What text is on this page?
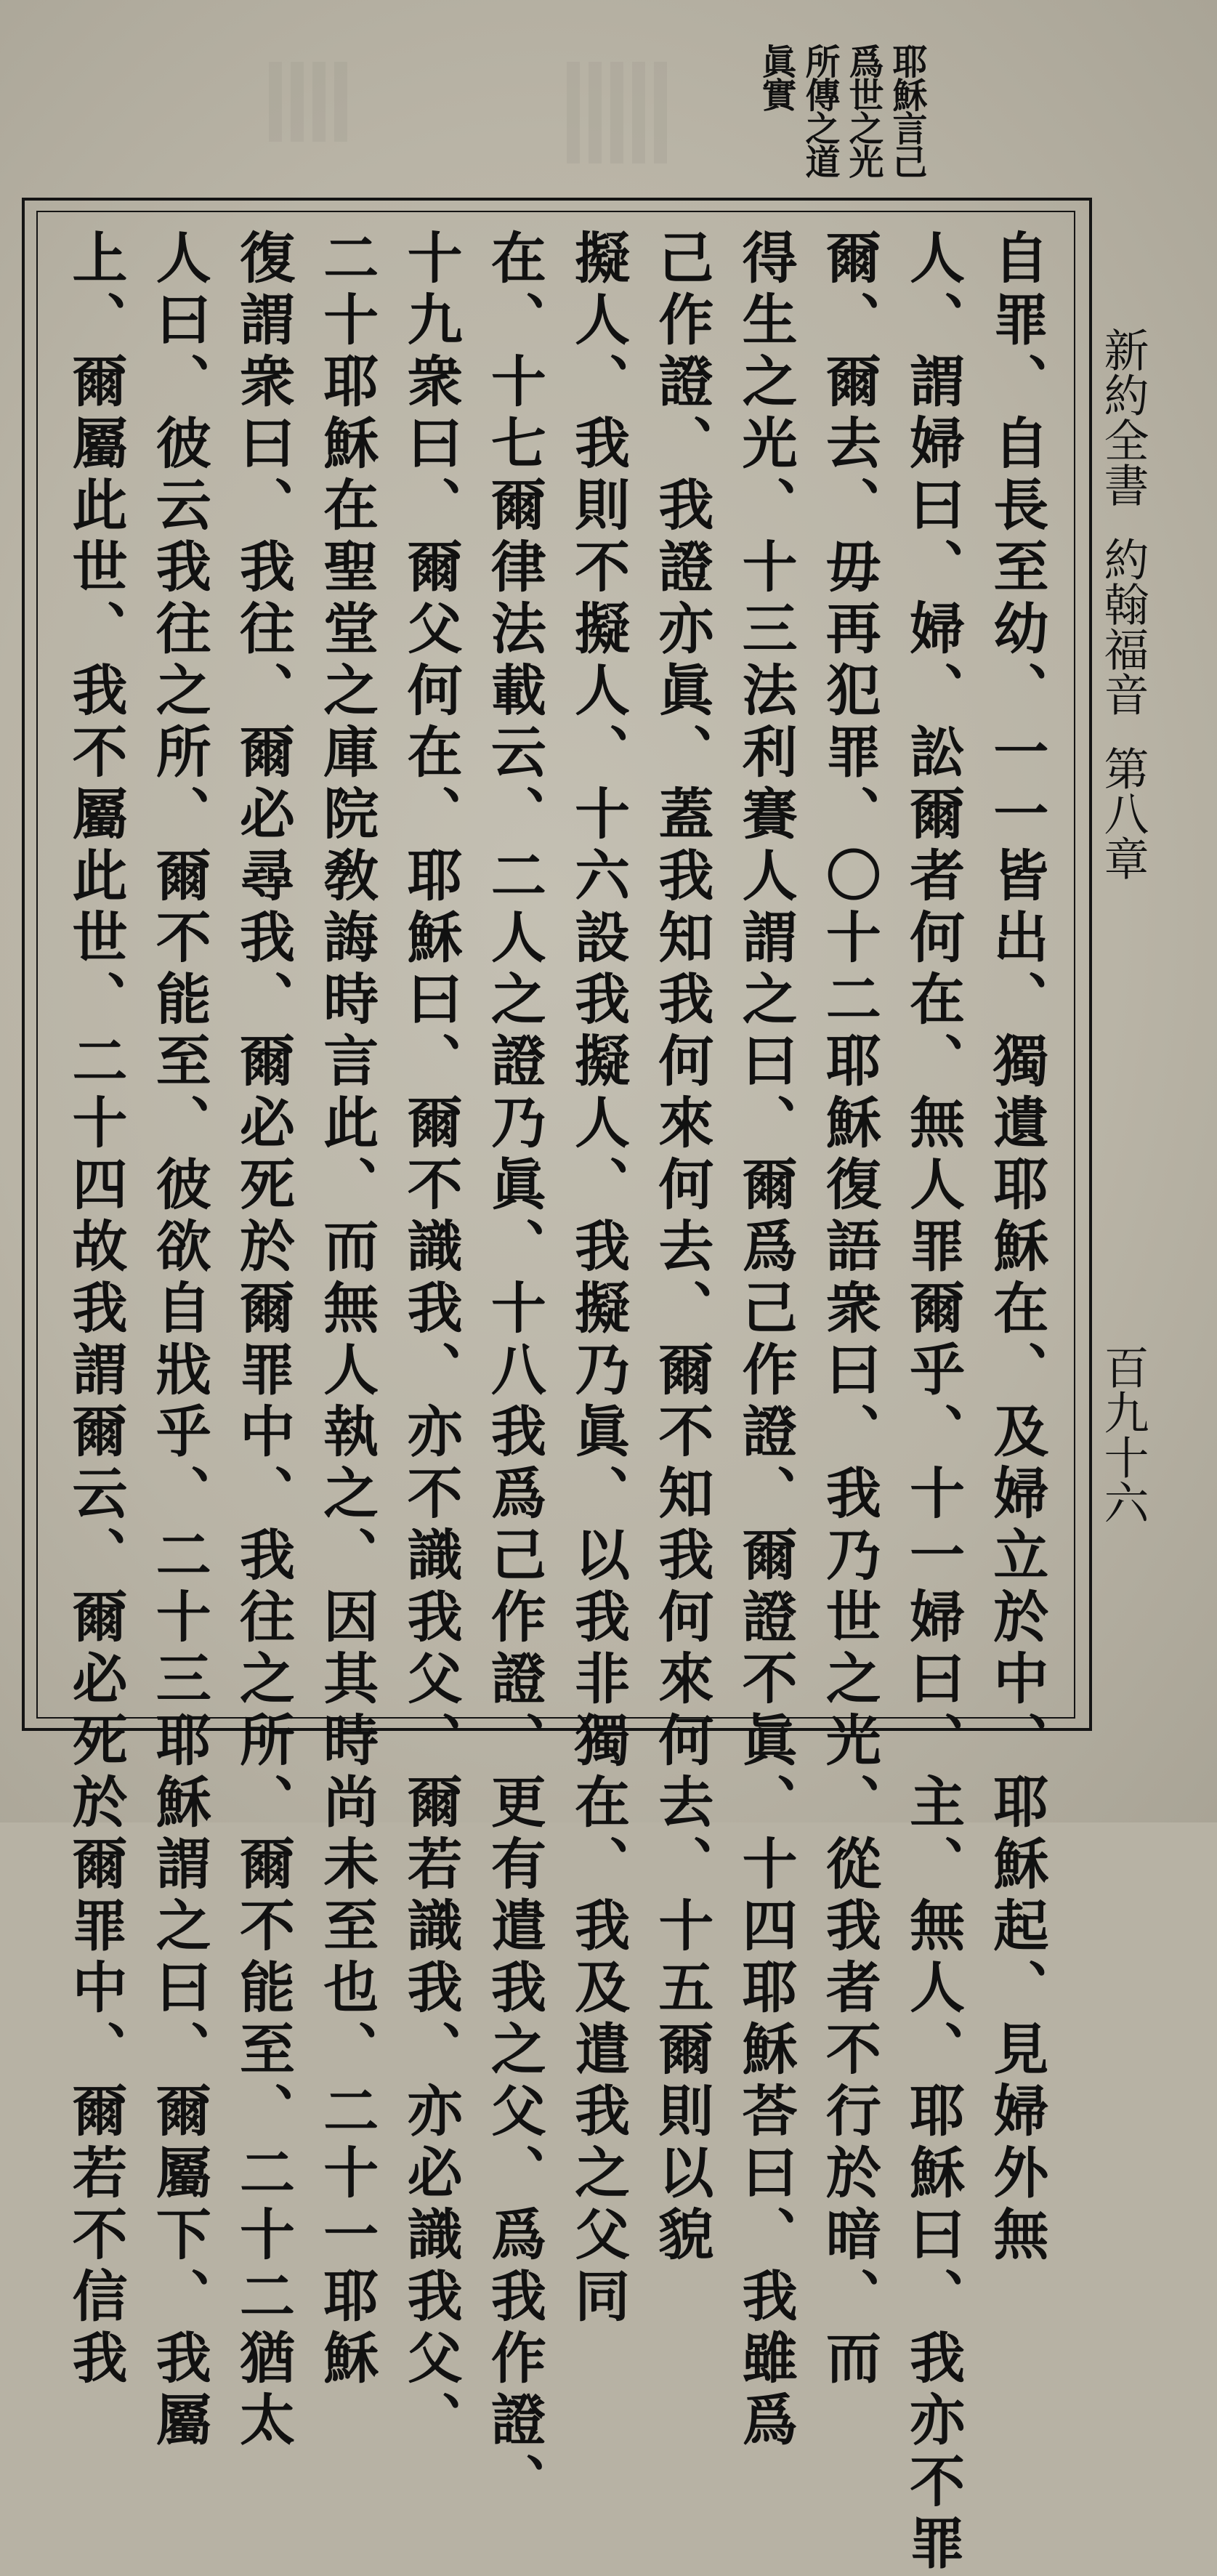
耶穌言己
爲世之光
所傳之道
眞實
新約全書約翰福音第八章
百九十六
自罪、自長至幼、一一皆出、獨遺耶穌在、及婦立於中、耶穌起、見婦外無
人、謂婦曰、婦、訟爾者何在、無人罪爾乎、十一婦曰、主、無人、耶穌曰、我亦不罪
爾、爾去、毋再犯罪、〇十二耶穌復語衆曰、我乃世之光、從我者不行於暗、而
得生之光、十三法利賽人謂之曰、爾爲己作證、爾證不眞、十四耶穌荅曰、我雖爲
己作證、我證亦眞、蓋我知我何來何去、爾不知我何來何去、十五爾則以貌
擬人、我則不擬人、十六設我擬人、我擬乃眞、以我非獨在、我及遣我之父同
在、十七爾律法載云、二人之證乃眞、十八我爲己作證、更有遣我之父、爲我作證、
十九衆曰、爾父何在、耶穌曰、爾不識我、亦不識我父、爾若識我、亦必識我父、
二十耶穌在聖堂之庫院敎誨時言此、而無人執之、因其時尚未至也、二十一耶穌
復謂衆曰、我往、爾必尋我、爾必死於爾罪中、我往之所、爾不能至、二十二猶太
人曰、彼云我往之所、爾不能至、彼欲自戕乎、二十三耶穌謂之曰、爾屬下、我屬
上、爾屬此世、我不屬此世、二十四故我謂爾云、爾必死於爾罪中、爾若不信我
